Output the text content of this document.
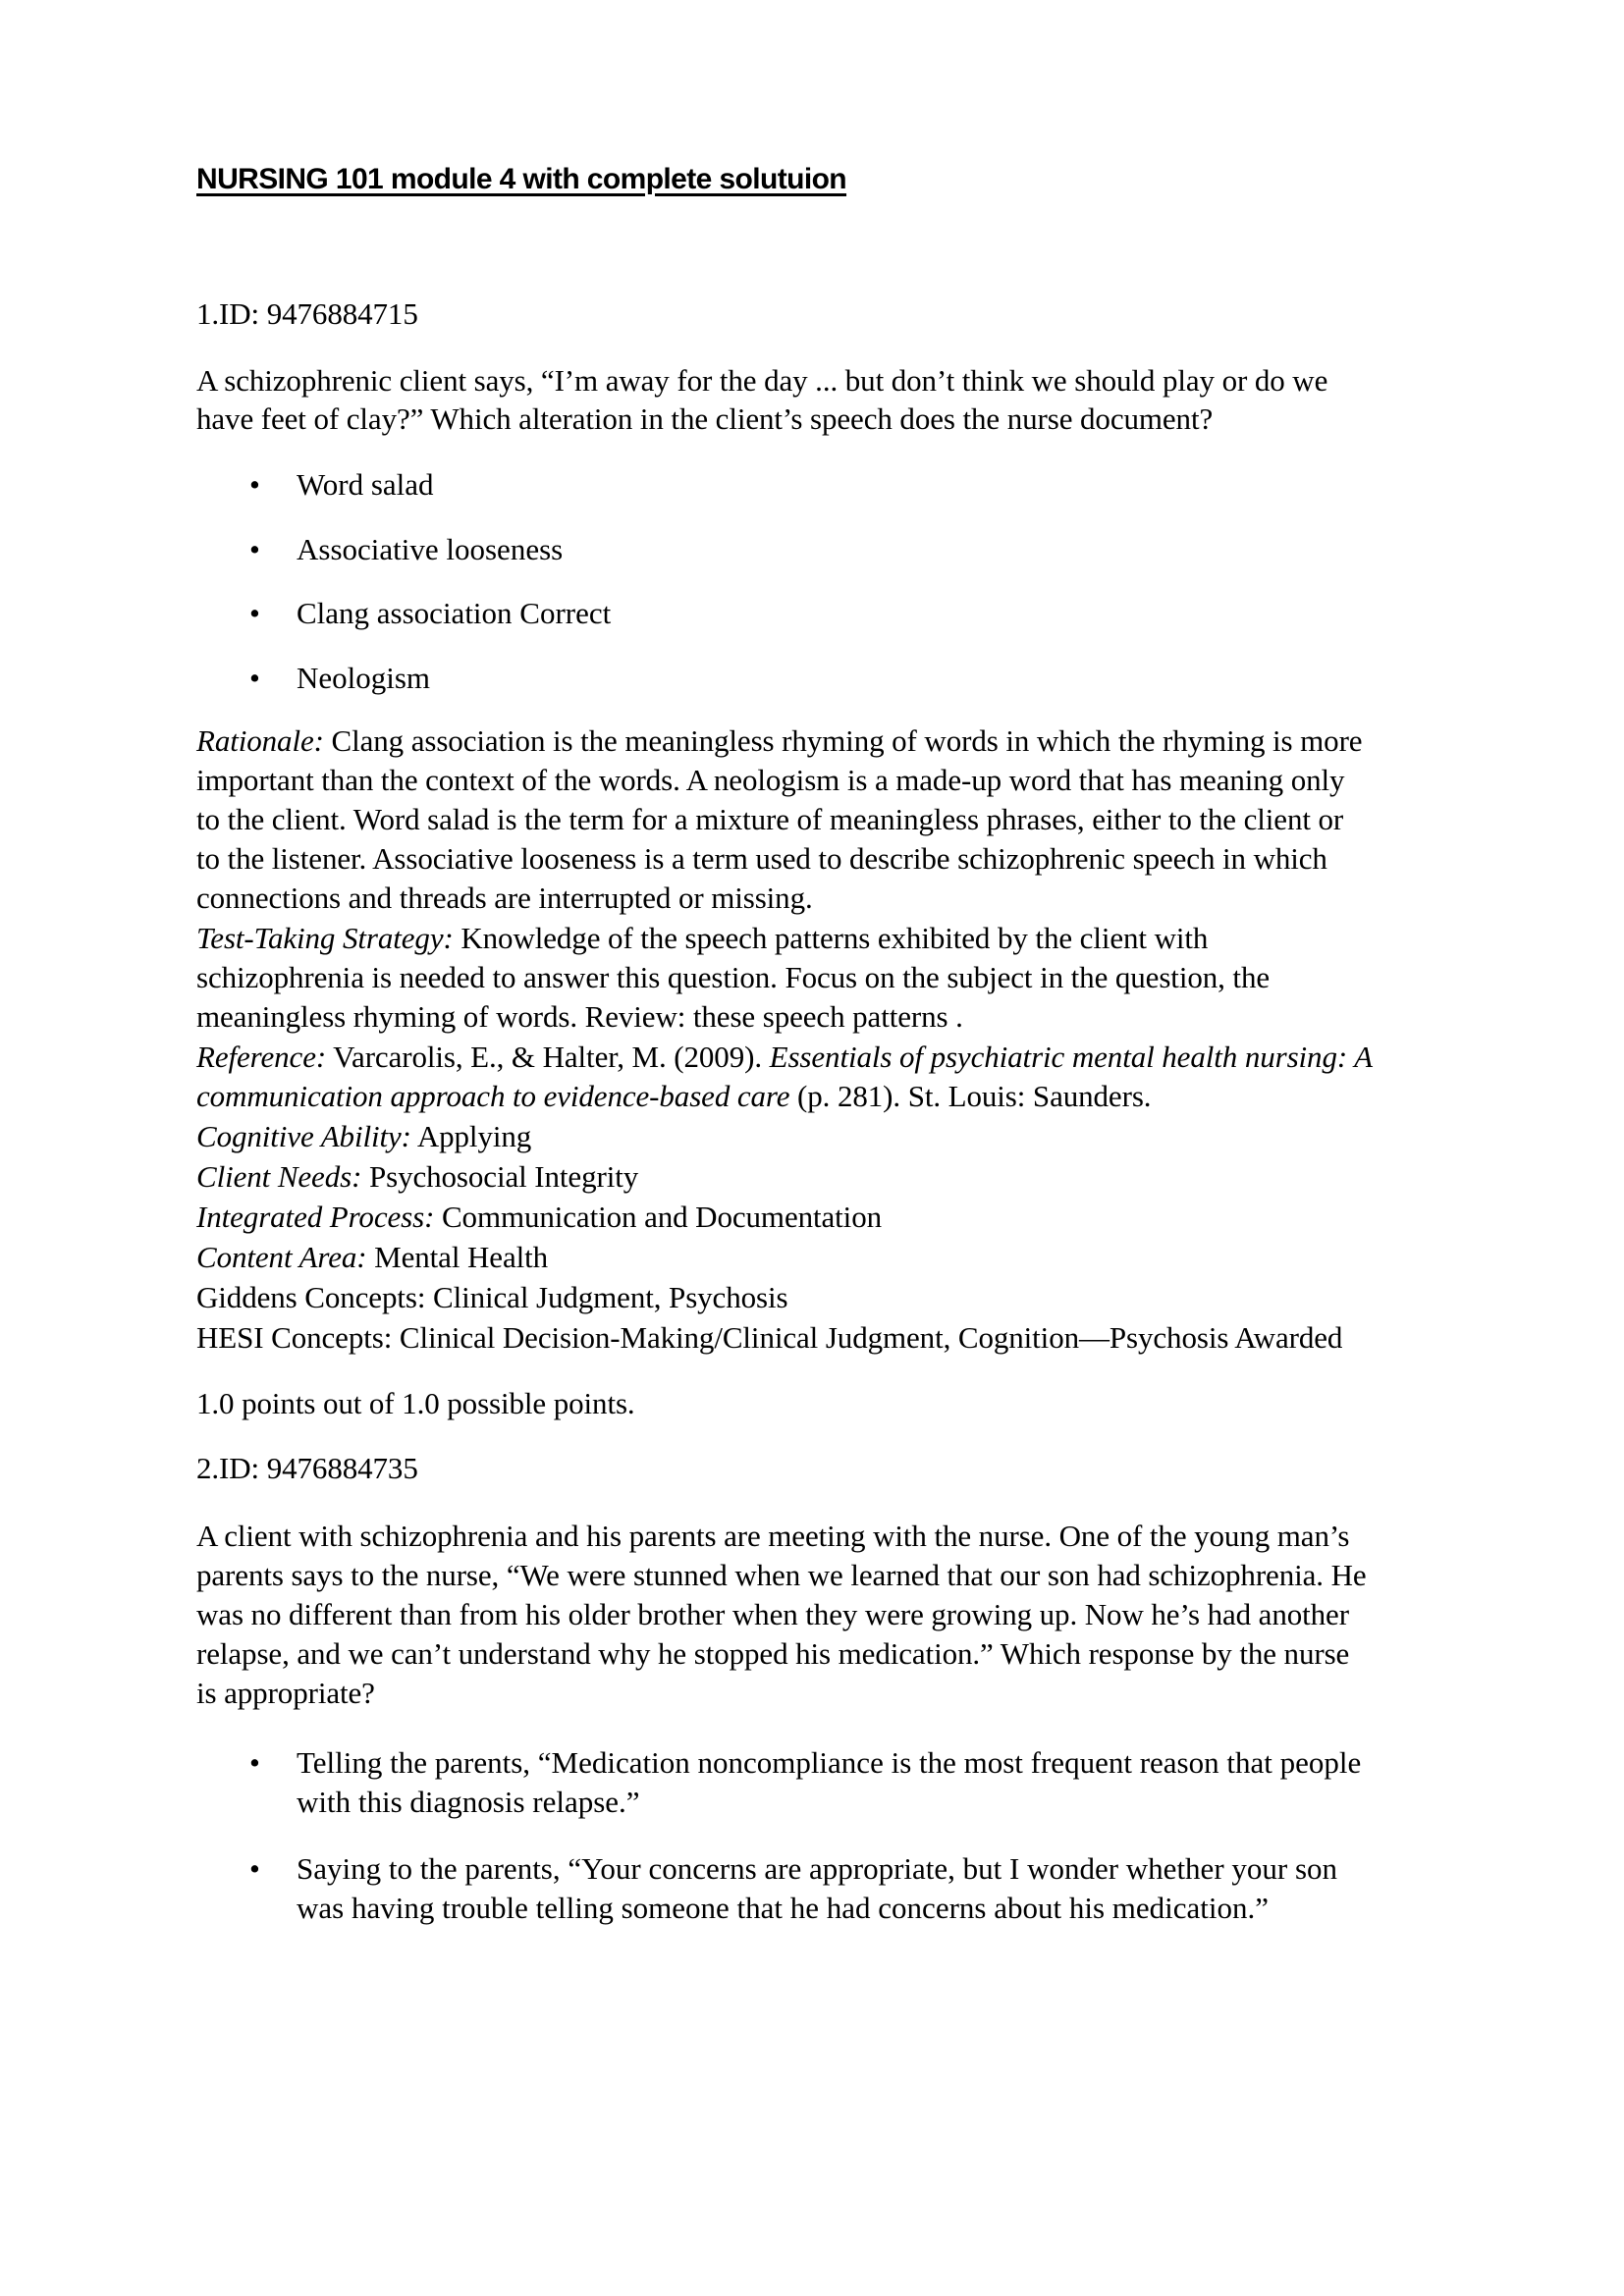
NURSING 101 module 4 with complete solutuion
1.ID: 9476884715
A schizophrenic client says, “I’m away for the day ... but don’t think we should play or do we
have feet of clay?” Which alteration in the client’s speech does the nurse document?
• Word salad
• Associative looseness
• Clang association Correct
• Neologism
Rationale: Clang association is the meaningless rhyming of words in which the rhyming is more
important than the context of the words. A neologism is a made-up word that has meaning only
to the client. Word salad is the term for a mixture of meaningless phrases, either to the client or
to the listener. Associative looseness is a term used to describe schizophrenic speech in which
connections and threads are interrupted or missing.
Test-Taking Strategy: Knowledge of the speech patterns exhibited by the client with
schizophrenia is needed to answer this question. Focus on the subject in the question, the
meaningless rhyming of words. Review: these speech patterns .
Reference: Varcarolis, E., & Halter, M. (2009). Essentials of psychiatric mental health nursing: A
communication approach to evidence-based care (p. 281). St. Louis: Saunders.
Cognitive Ability: Applying
Client Needs: Psychosocial Integrity
Integrated Process: Communication and Documentation
Content Area: Mental Health
Giddens Concepts: Clinical Judgment, Psychosis
HESI Concepts: Clinical Decision-Making/Clinical Judgment, Cognition—Psychosis Awarded
1.0 points out of 1.0 possible points.
2.ID: 9476884735
A client with schizophrenia and his parents are meeting with the nurse. One of the young man’s
parents says to the nurse, “We were stunned when we learned that our son had schizophrenia. He
was no different than from his older brother when they were growing up. Now he’s had another
relapse, and we can’t understand why he stopped his medication.” Which response by the nurse
is appropriate?
• Telling the parents, “Medication noncompliance is the most frequent reason that people
with this diagnosis relapse.”
• Saying to the parents, “Your concerns are appropriate, but I wonder whether your son
was having trouble telling someone that he had concerns about his medication.”
